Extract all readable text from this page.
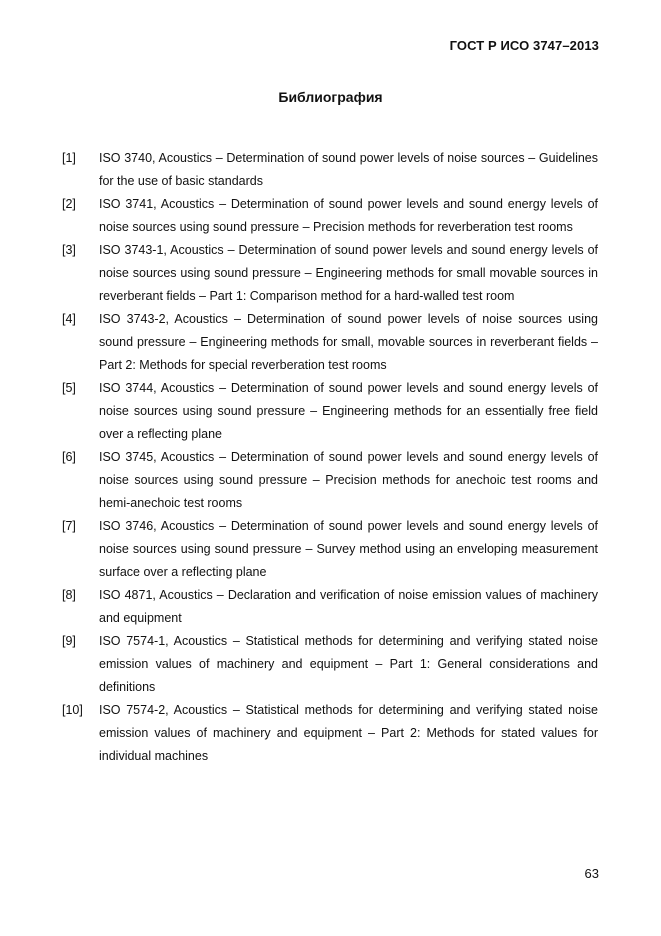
ГОСТ Р ИСО 3747–2013
Библиография
[1]	ISO 3740, Acoustics – Determination of sound power levels of noise sources – Guidelines for the use of basic standards
[2]	ISO 3741, Acoustics – Determination of sound power levels and sound energy levels of noise sources using sound pressure – Precision methods for reverberation test rooms
[3]	ISO 3743-1, Acoustics – Determination of sound power levels and sound energy levels of noise sources using sound pressure – Engineering methods for small movable sources in reverberant fields – Part 1: Comparison method for a hard-walled test room
[4]	ISO 3743-2, Acoustics – Determination of sound power levels of noise sources using sound pressure – Engineering methods for small, movable sources in reverberant fields – Part 2: Methods for special reverberation test rooms
[5]	ISO 3744, Acoustics – Determination of sound power levels and sound energy levels of noise sources using sound pressure – Engineering methods for an essentially free field over a reflecting plane
[6]	ISO 3745, Acoustics – Determination of sound power levels and sound energy levels of noise sources using sound pressure – Precision methods for anechoic test rooms and hemi-anechoic test rooms
[7]	ISO 3746, Acoustics – Determination of sound power levels and sound energy levels of noise sources using sound pressure – Survey method using an enveloping measurement surface over a reflecting plane
[8]	ISO 4871, Acoustics – Declaration and verification of noise emission values of machinery and equipment
[9]	ISO 7574-1, Acoustics – Statistical methods for determining and verifying stated noise emission values of machinery and equipment – Part 1: General considerations and definitions
[10]	ISO 7574-2, Acoustics – Statistical methods for determining and verifying stated noise emission values of machinery and equipment – Part 2: Methods for stated values for individual machines
63
